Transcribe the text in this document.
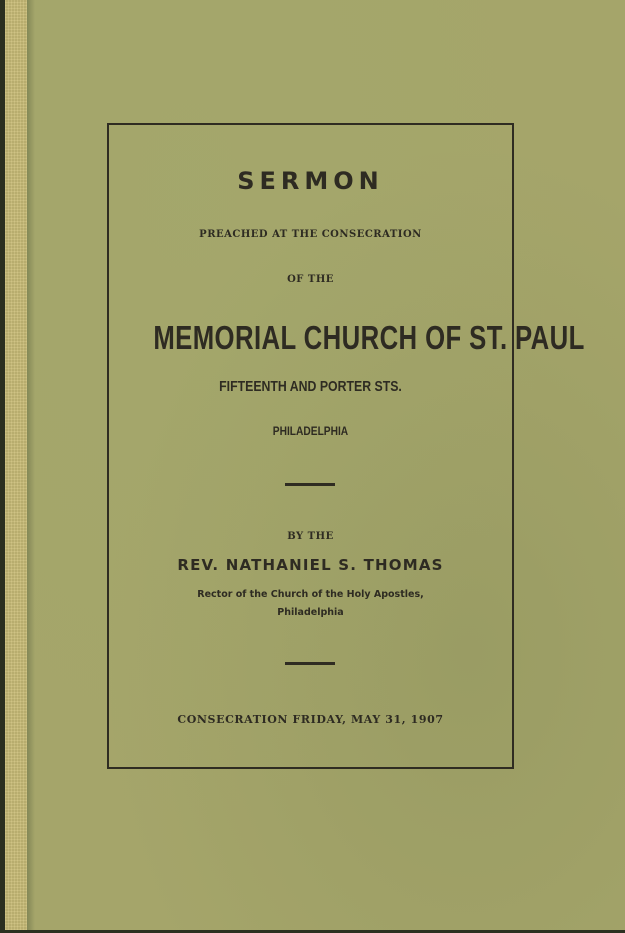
SERMON
PREACHED AT THE CONSECRATION
OF THE
MEMORIAL CHURCH OF ST. PAUL
FIFTEENTH AND PORTER STS.
PHILADELPHIA
BY THE
REV. NATHANIEL S. THOMAS
Rector of the Church of the Holy Apostles,
Philadelphia
CONSECRATION FRIDAY, MAY 31, 1907
